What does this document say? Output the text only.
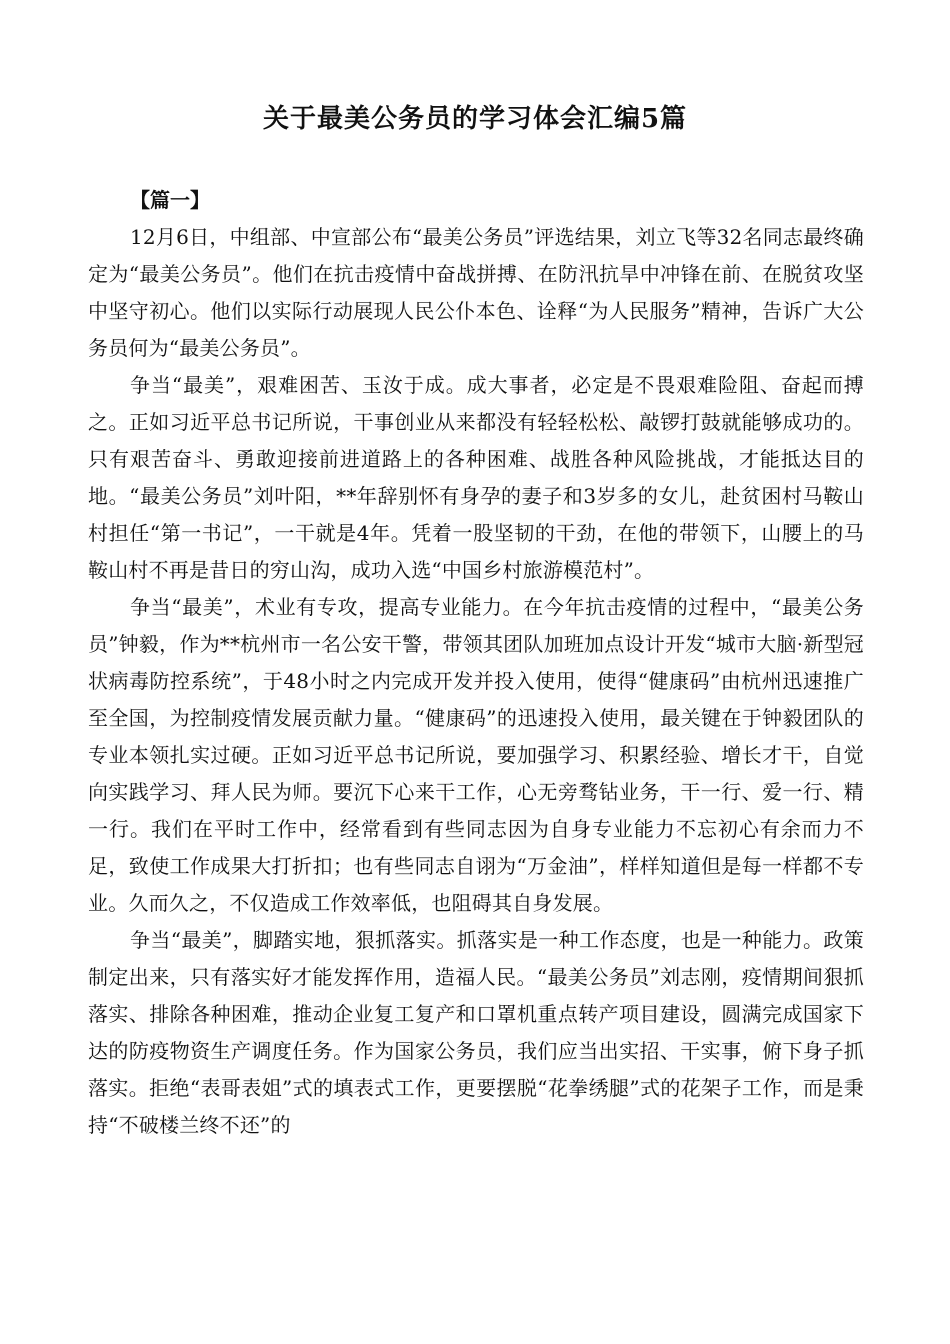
关于最美公务员的学习体会汇编5篇

【篇一】

12月6日，中组部、中宣部公布“最美公务员”评选结果，刘立飞等32名同志最终确定为“最美公务员”。他们在抗击疫情中奋战拼搏、在防汛抗旱中冲锋在前、在脱贫攻坚中坚守初心。他们以实际行动展现人民公仆本色、诠释“为人民服务”精神，告诉广大公务员何为“最美公务员”。

争当“最美”，艰难困苦、玉汝于成。成大事者，必定是不畏艰难险阻、奋起而搏之。正如习近平总书记所说，干事创业从来都没有轻轻松松、敲锣打鼓就能够成功的。只有艰苦奋斗、勇敢迎接前进道路上的各种困难、战胜各种风险挑战，才能抵达目的地。“最美公务员”刘叶阳，**年辞别怀有身孕的妻子和3岁多的女儿，赴贫困村马鞍山村担任“第一书记”，一干就是4年。凭着一股坚韧的干劲，在他的带领下，山腰上的马鞍山村不再是昔日的穷山沟，成功入选“中国乡村旅游模范村”。

争当“最美”，术业有专攻，提高专业能力。在今年抗击疫情的过程中，“最美公务员”钟毅，作为**杭州市一名公安干警，带领其团队加班加点设计开发“城市大脑·新型冠状病毒防控系统”，于48小时之内完成开发并投入使用，使得“健康码”由杭州迅速推广至全国，为控制疫情发展贡献力量。“健康码”的迅速投入使用，最关键在于钟毅团队的专业本领扎实过硬。正如习近平总书记所说，要加强学习、积累经验、增长才干，自觉向实践学习、拜人民为师。要沉下心来干工作，心无旁骛钻业务，干一行、爱一行、精一行。我们在平时工作中，经常看到有些同志因为自身专业能力不忘初心有余而力不足，致使工作成果大打折扣；也有些同志自诩为“万金油”，样样知道但是每一样都不专业。久而久之，不仅造成工作效率低，也阻碍其自身发展。

争当“最美”，脚踏实地，狠抓落实。抓落实是一种工作态度，也是一种能力。政策制定出来，只有落实好才能发挥作用，造福人民。“最美公务员”刘志刚，疫情期间狠抓落实、排除各种困难，推动企业复工复产和口罩机重点转产项目建设，圆满完成国家下达的防疫物资生产调度任务。作为国家公务员，我们应当出实招、干实事，俯下身子抓落实。拒绝“表哥表姐”式的填表式工作，更要摆脱“花拳绣腿”式的花架子工作，而是秉持“不破楼兰终不还”的
